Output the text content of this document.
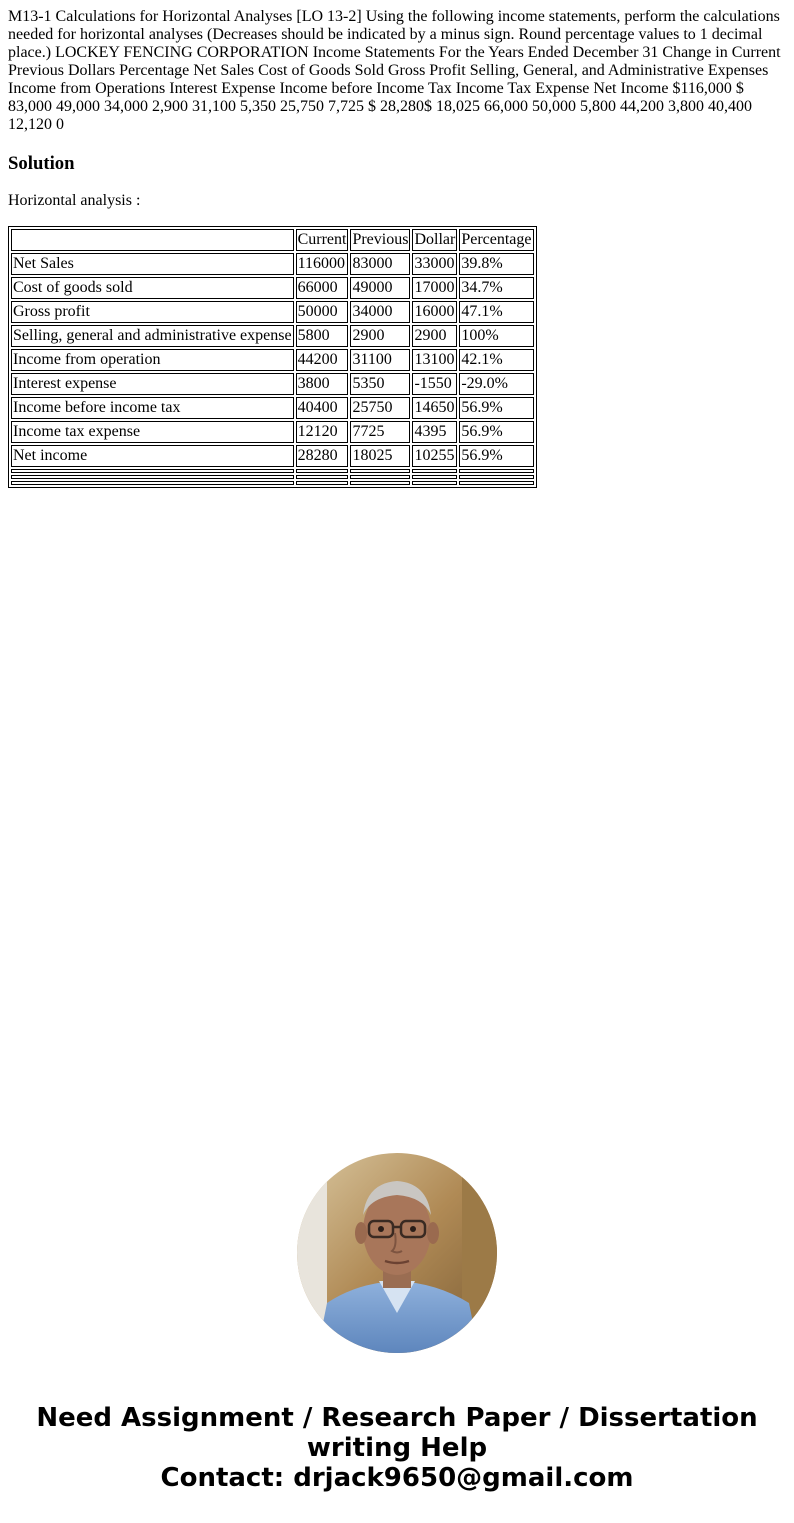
M13-1 Calculations for Horizontal Analyses [LO 13-2] Using the following income statements, perform the calculations needed for horizontal analyses (Decreases should be indicated by a minus sign. Round percentage values to 1 decimal place.) LOCKEY FENCING CORPORATION Income Statements For the Years Ended December 31 Change in Current Previous Dollars Percentage Net Sales Cost of Goods Sold Gross Profit Selling, General, and Administrative Expenses Income from Operations Interest Expense Income before Income Tax Income Tax Expense Net Income $116,000 $ 83,000 49,000 34,000 2,900 31,100 5,350 25,750 7,725 $ 28,280$ 18,025 66,000 50,000 5,800 44,200 3,800 40,400 12,120 0

Solution

Horizontal analysis :

	Current	Previous	Dollar	Percentage
Net Sales	116000	83000	33000	39.8%
Cost of goods sold	66000	49000	17000	34.7%
Gross profit	50000	34000	16000	47.1%
Selling, general and administrative expense	5800	2900	2900	100%
Income from operation	44200	31100	13100	42.1%
Interest expense	3800	5350	-1550	-29.0%
Income before income tax	40400	25750	14650	56.9%
Income tax expense	12120	7725	4395	56.9%
Net income	28280	18025	10255	56.9%

Need Assignment / Research Paper / Dissertation
writing Help
Contact: drjack9650@gmail.com
